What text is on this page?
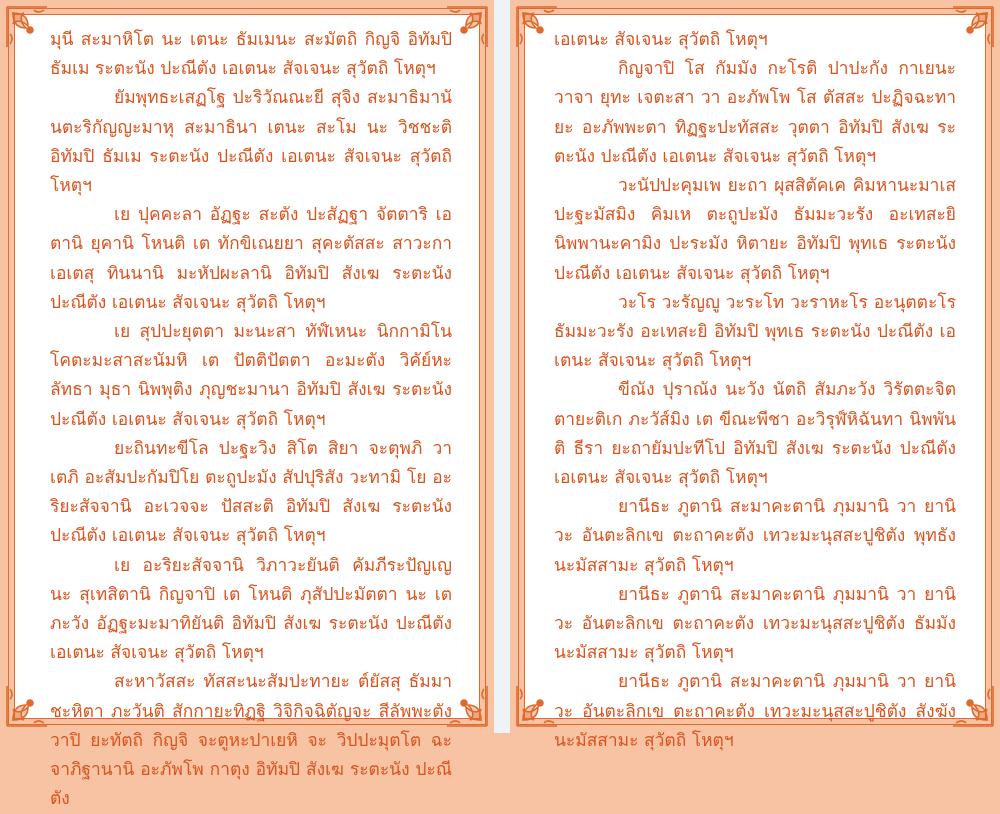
มุนี สะมาหิโต นะ เตนะ ธัมเมนะ สะมัตถิ กิญจิ อิทัมปิ ธัมเม ระตะนัง ปะณีตัง เอเตนะ สัจเจนะ สุวัตถิ โหตุฯ

ยัมพุทธะเสฏโฐ ปะริวัณณะยี สุจิง สะมาธิมานันตะริกัญญะมาหุ สะมาธินา เตนะ สะโม นะ วิชชะติ อิทัมปิ ธัมเม ระตะนัง ปะณีตัง เอเตนะ สัจเจนะ สุวัตถิ โหตุฯ

เย ปุคคะลา อัฏฐะ สะตัง ปะสัฏฐา จัตตาริ เอตานิ ยุคานิ โหนติ เต ทักขิเณยยา สุคะตัสสะ สาวะกา เอเตสุ ทินนานิ มะหัปผะลานิ อิทัมปิ สังเฆ ระตะนัง ปะณีตัง เอเตนะ สัจเจนะ สุวัตถิ โหตุฯ

เย สุปปะยุตตา มะนะสา ทัฬ์เหนะ นิกกามิโน โคตะมะสาสะนัมหิ เต ปัตติปัตตา อะมะตัง วิคัย์หะ ลัทธา มุธา นิพพุติง ภุญชะมานา อิทัมปิ สังเฆ ระตะนัง ปะณีตัง เอเตนะ สัจเจนะ สุวัตถิ โหตุฯ

ยะถินทะขีโล ปะฐะวิง สิโต สิยา จะตุพภิ วาเตภิ อะสัมปะกัมปิโย ตะถูปะมัง สัปปุริสัง วะทามิ โย อะริยะสัจจานิ อะเวจจะ ปัสสะติ อิทัมปิ สังเฆ ระตะนัง ปะณีตัง เอเตนะ สัจเจนะ สุวัตถิ โหตุฯ

เย อะริยะสัจจานิ วิภาวะยันติ คัมภีระปัญเญนะ สุเทสิตานิ กิญจาปิ เต โหนติ ภุสัปปะมัตตา นะ เต ภะวัง อัฏฐะมะมาทิยันติ อิทัมปิ สังเฆ ระตะนัง ปะณีตัง เอเตนะ สัจเจนะ สุวัตถิ โหตุฯ

สะหาวัสสะ ทัสสะนะสัมปะทายะ ต์ยัสสุ ธัมมา ชะหิตา ภะวันติ สักกายะทิฏฐิ วิจิกิจฉิตัญจะ สีลัพพะตัง วาปิ ยะทัตถิ กิญจิ จะตูหะปาเยหิ จะ วิปปะมุตโต ฉะ จาภิฐานานิ อะภัพโพ กาตุง อิทัมปิ สังเฆ ระตะนัง ปะณีตัง

เอเตนะ สัจเจนะ สุวัตถิ โหตุฯ

กิญจาปิ โส กัมมัง กะโรติ ปาปะกัง กาเยนะ วาจา ยุทะ เจตะสา วา อะภัพโพ โส ตัสสะ ปะฏิจฉะทายะ อะภัพพะตา ทิฏฐะปะทัสสะ วุตตา อิทัมปิ สังเฆ ระตะนัง ปะณีตัง เอเตนะ สัจเจนะ สุวัตถิ โหตุฯ

วะนัปปะคุมเพ ยะถา ผุสสิตัคเค คิมหานะมาเส ปะฐะมัสมิง คิมเห ตะถูปะมัง ธัมมะวะรัง อะเทสะยิ นิพพานะคามิง ปะระมัง หิตายะ อิทัมปิ พุทเธ ระตะนัง ปะณีตัง เอเตนะ สัจเจนะ สุวัตถิ โหตุฯ

วะโร วะรัญญู วะระโท วะราหะโร อะนุตตะโร ธัมมะวะรัง อะเทสะยิ อิทัมปิ พุทเธ ระตะนัง ปะณีตัง เอเตนะ สัจเจนะ สุวัตถิ โหตุฯ

ขีณัง ปุราณัง นะวัง นัตถิ สัมภะวัง วิรัตตะจิตตายะติเก ภะวัส์มิง เต ขีณะพีชา อะวิรุฬ์หิฉันทา นิพพันติ ธีรา ยะถายัมปะทีโป อิทัมปิ สังเฆ ระตะนัง ปะณีตัง เอเตนะ สัจเจนะ สุวัตถิ โหตุฯ

ยานีธะ ภูตานิ สะมาคะตานิ ภุมมานิ วา ยานิวะ อันตะลิกเข ตะถาคะตัง เทวะมะนุสสะปูชิตัง พุทธัง นะมัสสามะ สุวัตถิ โหตุฯ

ยานีธะ ภูตานิ สะมาคะตานิ ภุมมานิ วา ยานิวะ อันตะลิกเข ตะถาคะตัง เทวะมะนุสสะปูชิตัง ธัมมัง นะมัสสามะ สุวัตถิ โหตุฯ

ยานีธะ ภูตานิ สะมาคะตานิ ภุมมานิ วา ยานิวะ อันตะลิกเข ตะถาคะตัง เทวะมะนุสสะปูชิตัง สังฆัง นะมัสสามะ สุวัตถิ โหตุฯ
